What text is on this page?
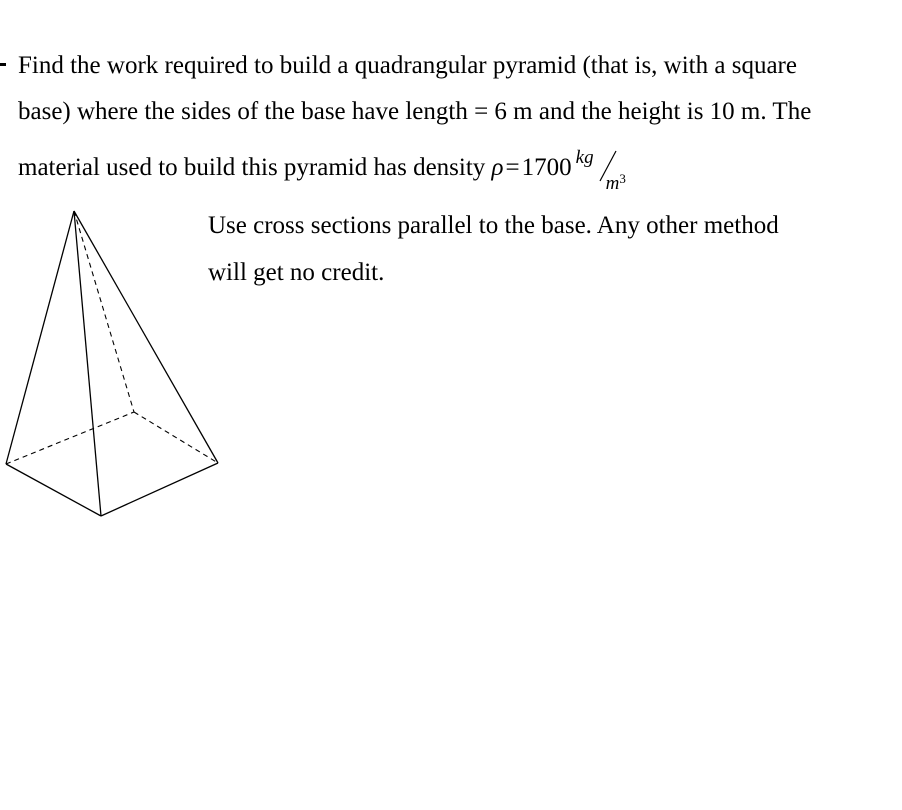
Find the work required to build a quadrangular pyramid (that is, with a square
base) where the sides of the base have length = 6 m and the height is 10 m. The
material used to build this pyramid has density ρ=1700 kg
$m^3$
Use cross sections parallel to the base. Any other method
will get no credit.
